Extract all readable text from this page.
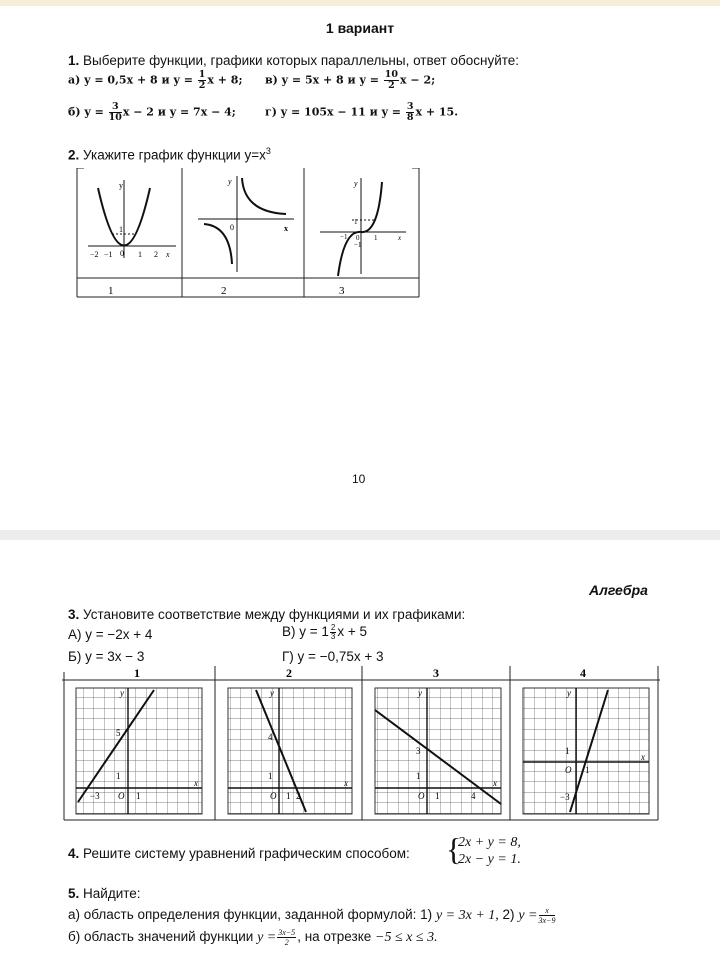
1 вариант
1. Выберите функции, графики которых параллельны, ответ обоснуйте:
а) y = 0,5x + 8 и $y = \frac{1}{2}$ x + 8; в) y = 5x + 8 и $y = \frac{10}{2}$ x − 2;
б) $y = \frac{3}{10}$ x − 2 и y = 7x − 4;	г) y = 105x − 11 и $y = \frac{3}{8}$ x + 15.
2. Укажите график функции $y=x^3$
y
1
−2 −1 0 1 2 x
y
0	x
y
1
−1 0 1
−1
x
1	2	3
10
Алгебра
3. Установите соответствие между функциями и их графиками:
А) y = −2x + 4	В) $y = 1 \frac{2}{3}$ x + 5
Б) y = 3x − 3	Г) y = −0,75x + 3
1	2	3	4
y
5
1
−3 O 1
x
y
4
1
O 1 2
x
y
3
1
O 1	4
x
y
1
O 1
−3
x
4. Решите систему уравнений графическим способом: {
2x + y = 8,
2x − y = 1.
5. Найдите:
а) область определения функции, заданной формулой: 1) y = 3x + 1, 2) $y = \frac{x}{3x-9}$
б) область значений функции $y = \frac{3x-5}{2}$ , на отрезке −5 ≤ x ≤ 3.
